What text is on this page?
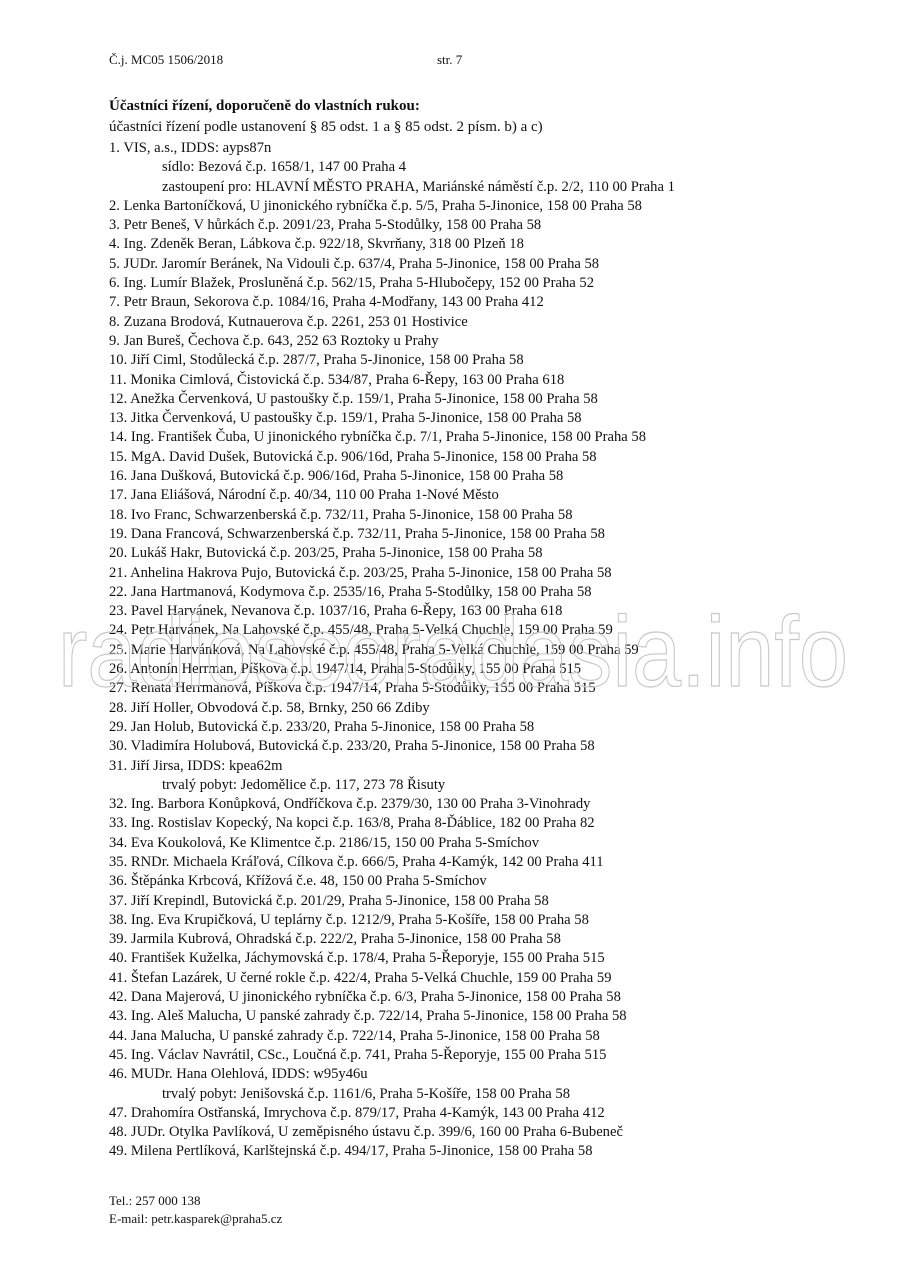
Č.j. MC05 1506/2018	str. 7
Účastníci řízení, doporučeně do vlastních rukou:
účastníci řízení podle ustanovení § 85 odst. 1 a § 85 odst. 2 písm. b) a c)
1. VIS, a.s., IDDS: ayps87n
sídlo: Bezová č.p. 1658/1, 147 00 Praha 4
zastoupení pro: HLAVNÍ MĚSTO PRAHA, Mariánské náměstí č.p. 2/2, 110 00 Praha 1
2. Lenka Bartoníčková, U jinonického rybníčka č.p. 5/5, Praha 5-Jinonice, 158 00 Praha 58
3. Petr Beneš, V hůrkách č.p. 2091/23, Praha 5-Stodůlky, 158 00 Praha 58
4. Ing. Zdeněk Beran, Lábkova č.p. 922/18, Skvrňany, 318 00 Plzeň 18
5. JUDr. Jaromír Beránek, Na Vidouli č.p. 637/4, Praha 5-Jinonice, 158 00 Praha 58
6. Ing. Lumír Blažek, Prosluněná č.p. 562/15, Praha 5-Hlubočepy, 152 00 Praha 52
7. Petr Braun, Sekorova č.p. 1084/16, Praha 4-Modřany, 143 00 Praha 412
8. Zuzana Brodová, Kutnauerova č.p. 2261, 253 01 Hostivice
9. Jan Bureš, Čechova č.p. 643, 252 63 Roztoky u Prahy
10. Jiří Ciml, Stodůlecká č.p. 287/7, Praha 5-Jinonice, 158 00 Praha 58
11. Monika Cimlová, Čistovická č.p. 534/87, Praha 6-Řepy, 163 00 Praha 618
12. Anežka Červenková, U pastoušky č.p. 159/1, Praha 5-Jinonice, 158 00 Praha 58
13. Jitka Červenková, U pastoušky č.p. 159/1, Praha 5-Jinonice, 158 00 Praha 58
14. Ing. František Čuba, U jinonického rybníčka č.p. 7/1, Praha 5-Jinonice, 158 00 Praha 58
15. MgA. David Dušek, Butovická č.p. 906/16d, Praha 5-Jinonice, 158 00 Praha 58
16. Jana Dušková, Butovická č.p. 906/16d, Praha 5-Jinonice, 158 00 Praha 58
17. Jana Eliášová, Národní č.p. 40/34, 110 00 Praha 1-Nové Město
18. Ivo Franc, Schwarzenberská č.p. 732/11, Praha 5-Jinonice, 158 00 Praha 58
19. Dana Francová, Schwarzenberská č.p. 732/11, Praha 5-Jinonice, 158 00 Praha 58
20. Lukáš Hakr, Butovická č.p. 203/25, Praha 5-Jinonice, 158 00 Praha 58
21. Anhelina Hakrova Pujo, Butovická č.p. 203/25, Praha 5-Jinonice, 158 00 Praha 58
22. Jana Hartmanová, Kodymova č.p. 2535/16, Praha 5-Stodůlky, 158 00 Praha 58
23. Pavel Harvánek, Nevanova č.p. 1037/16, Praha 6-Řepy, 163 00 Praha 618
24. Petr Harvánek, Na Lahovské č.p. 455/48, Praha 5-Velká Chuchle, 159 00 Praha 59
25. Marie Harvánková, Na Lahovské č.p. 455/48, Praha 5-Velká Chuchle, 159 00 Praha 59
26. Antonín Herrman, Píškova č.p. 1947/14, Praha 5-Stodůlky, 155 00 Praha 515
27. Renata Herrmanová, Píškova č.p. 1947/14, Praha 5-Stodůlky, 155 00 Praha 515
28. Jiří Holler, Obvodová č.p. 58, Brnky, 250 66 Zdiby
29. Jan Holub, Butovická č.p. 233/20, Praha 5-Jinonice, 158 00 Praha 58
30. Vladimíra Holubová, Butovická č.p. 233/20, Praha 5-Jinonice, 158 00 Praha 58
31. Jiří Jirsa, IDDS: kpea62m
trvalý pobyt: Jedomělice č.p. 117, 273 78 Řisuty
32. Ing. Barbora Konůpková, Ondříčkova č.p. 2379/30, 130 00 Praha 3-Vinohrady
33. Ing. Rostislav Kopecký, Na kopci č.p. 163/8, Praha 8-Ďáblice, 182 00 Praha 82
34. Eva Koukolová, Ke Klimentce č.p. 2186/15, 150 00 Praha 5-Smíchov
35. RNDr. Michaela Kráľová, Cílkova č.p. 666/5, Praha 4-Kamýk, 142 00 Praha 411
36. Štěpánka Krbcová, Křížová č.e. 48, 150 00 Praha 5-Smíchov
37. Jiří Krepindl, Butovická č.p. 201/29, Praha 5-Jinonice, 158 00 Praha 58
38. Ing. Eva Krupičková, U teplárny č.p. 1212/9, Praha 5-Košíře, 158 00 Praha 58
39. Jarmila Kubrová, Ohradská č.p. 222/2, Praha 5-Jinonice, 158 00 Praha 58
40. František Kuželka, Jáchymovská č.p. 178/4, Praha 5-Řeporyje, 155 00 Praha 515
41. Štefan Lazárek, U černé rokle č.p. 422/4, Praha 5-Velká Chuchle, 159 00 Praha 59
42. Dana Majerová, U jinonického rybníčka č.p. 6/3, Praha 5-Jinonice, 158 00 Praha 58
43. Ing. Aleš Malucha, U panské zahrady č.p. 722/14, Praha 5-Jinonice, 158 00 Praha 58
44. Jana Malucha, U panské zahrady č.p. 722/14, Praha 5-Jinonice, 158 00 Praha 58
45. Ing. Václav Navrátil, CSc., Loučná č.p. 741, Praha 5-Řeporyje, 155 00 Praha 515
46. MUDr. Hana Olehlová, IDDS: w95y46u
trvalý pobyt: Jenišovská č.p. 1161/6, Praha 5-Košíře, 158 00 Praha 58
47. Drahomíra Ostřanská, Imrychova č.p. 879/17, Praha 4-Kamýk, 143 00 Praha 412
48. JUDr. Otylka Pavlíková, U zeměpisného ústavu č.p. 399/6, 160 00 Praha 6-Bubeneč
49. Milena Pertlíková, Karlštejnská č.p. 494/17, Praha 5-Jinonice, 158 00 Praha 58
radioscoradasia.info
Tel.: 257 000 138
E-mail: petr.kasparek@praha5.cz
